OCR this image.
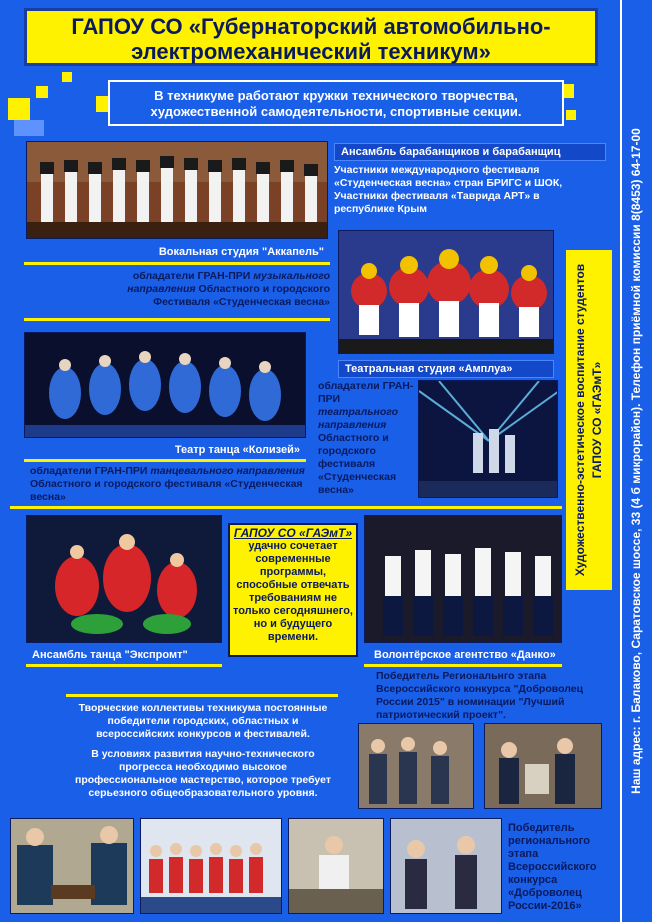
ГАПОУ СО «Губернаторский автомобильно-электромеханический техникум»
Наш адрес: г. Балаково, Саратовское шоссе, 33 (4 б микрорайон). Телефон приёмной комиссии 8(8453) 64-17-00
В техникуме работают кружки технического творчества, художественной самодеятельности, спортивные секции.
Ансамбль барабанщиков и барабанщиц
Участники международного фестиваля «Студенческая весна» стран БРИГС и ШОК, Участники фестиваля «Таврида АРТ» в республике Крым
Вокальная студия "Аккапель"
обладатели ГРАН-ПРИ музыкального направления Областного и городского Фестиваля «Студенческая весна»
Театральная студия «Амплуа»
обладатели ГРАН-ПРИ театрального направления Областного и городского фестиваля «Студенческая весна»
Театр танца «Колизей»
обладатели ГРАН-ПРИ танцевального направления Областного и городского фестиваля «Студенческая весна»
Ансамбль танца "Экспромт"
ГАПОУ СО «ГАЭмТ»
удачно сочетает современные программы, способные отвечать требованиям не только сегодняшнего, но и будущего времени.
Волонтёрское агентство «Данко»
Победитель Региональнго этапа Всероссийского конкурса "Доброволец России 2015" в номинации "Лучший патриотический проект".
Творческие коллективы техникума постоянные победители городских, областных и всероссийских конкурсов и фестивалей.
В условиях развития научно-технического прогресса необходимо высокое профессиональное мастерство, которое требует серьезного общеобразовательного уровня.
Победитель регионального этапа Всероссийского конкурса «Доброволец России-2016»
Художественно-эстетическое воспитание студентов ГАПОУ СО «ГАЭмТ»
